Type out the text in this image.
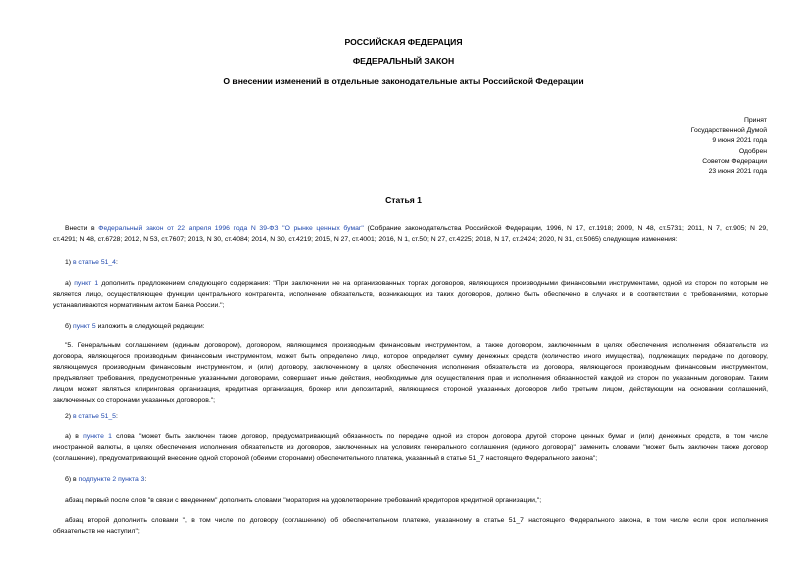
РОССИЙСКАЯ ФЕДЕРАЦИЯ
ФЕДЕРАЛЬНЫЙ ЗАКОН
О внесении изменений в отдельные законодательные акты Российской Федерации
Принят
Государственной Думой
9 июня 2021 года
Одобрен
Советом Федерации
23 июня 2021 года
Статья 1
Внести в Федеральный закон от 22 апреля 1996 года N 39-ФЗ "О рынке ценных бумаг" (Собрание законодательства Российской Федерации, 1996, N 17, ст.1918; 2009, N 48, ст.5731; 2011, N 7, ст.905; N 29,
ст.4291; N 48, ст.6728; 2012, N 53, ст.7607; 2013, N 30, ст.4084; 2014, N 30, ст.4219; 2015, N 27, ст.4001; 2016, N 1, ст.50; N 27, ст.4225; 2018, N 17, ст.2424; 2020, N 31, ст.5065) следующие изменения:
1) в статье 51_4:
а) пункт 1 дополнить предложением следующего содержания: "При заключении не на организованных торгах договоров, являющихся производными финансовыми инструментами, одной из сторон по которым не
является лицо, осуществляющее функции центрального контрагента, исполнение обязательств, возникающих из таких договоров, должно быть обеспечено в случаях и в соответствии с требованиями, которые
устанавливаются нормативным актом Банка России.";
б) пункт 5 изложить в следующей редакции:
"5. Генеральным соглашением (единым договором), договором, являющимся производным финансовым инструментом, а также договором, заключенным в целях обеспечения исполнения обязательств из
договора, являющегося производным финансовым инструментом, может быть определено лицо, которое определяет сумму денежных средств (количество иного имущества), подлежащих передаче по договору,
являющемуся производным финансовым инструментом, и (или) договору, заключенному в целях обеспечения исполнения обязательств из договора, являющегося производным финансовым инструментом,
предъявляет требования, предусмотренные указанными договорами, совершает иные действия, необходимые для осуществления прав и исполнения обязанностей каждой из сторон по указанным договорам. Таким
лицом может являться клиринговая организация, кредитная организация, брокер или депозитарий, являющиеся стороной указанных договоров либо третьим лицом, действующим на основании соглашений,
заключенных со сторонами указанных договоров.";
2) в статье 51_5:
а) в пункте 1 слова "может быть заключен также договор, предусматривающий обязанность по передаче одной из сторон договора другой стороне ценных бумаг и (или) денежных средств, в том числе
иностранной валюты, в целях обеспечения исполнения обязательств из договоров, заключенных на условиях генерального соглашения (единого договора)" заменить словами "может быть заключен также договор
(соглашение), предусматривающий внесение одной стороной (обеими сторонами) обеспечительного платежа, указанный в статье 51_7 настоящего Федерального закона";
б) в подпункте 2 пункта 3:
абзац первый после слов "в связи с введением" дополнить словами "моратория на удовлетворение требований кредиторов кредитной организации,";
абзац второй дополнить словами ", в том числе по договору (соглашению) об обеспечительном платеже, указанному в статье 51_7 настоящего Федерального закона, в том числе если срок исполнения
обязательств не наступил";
